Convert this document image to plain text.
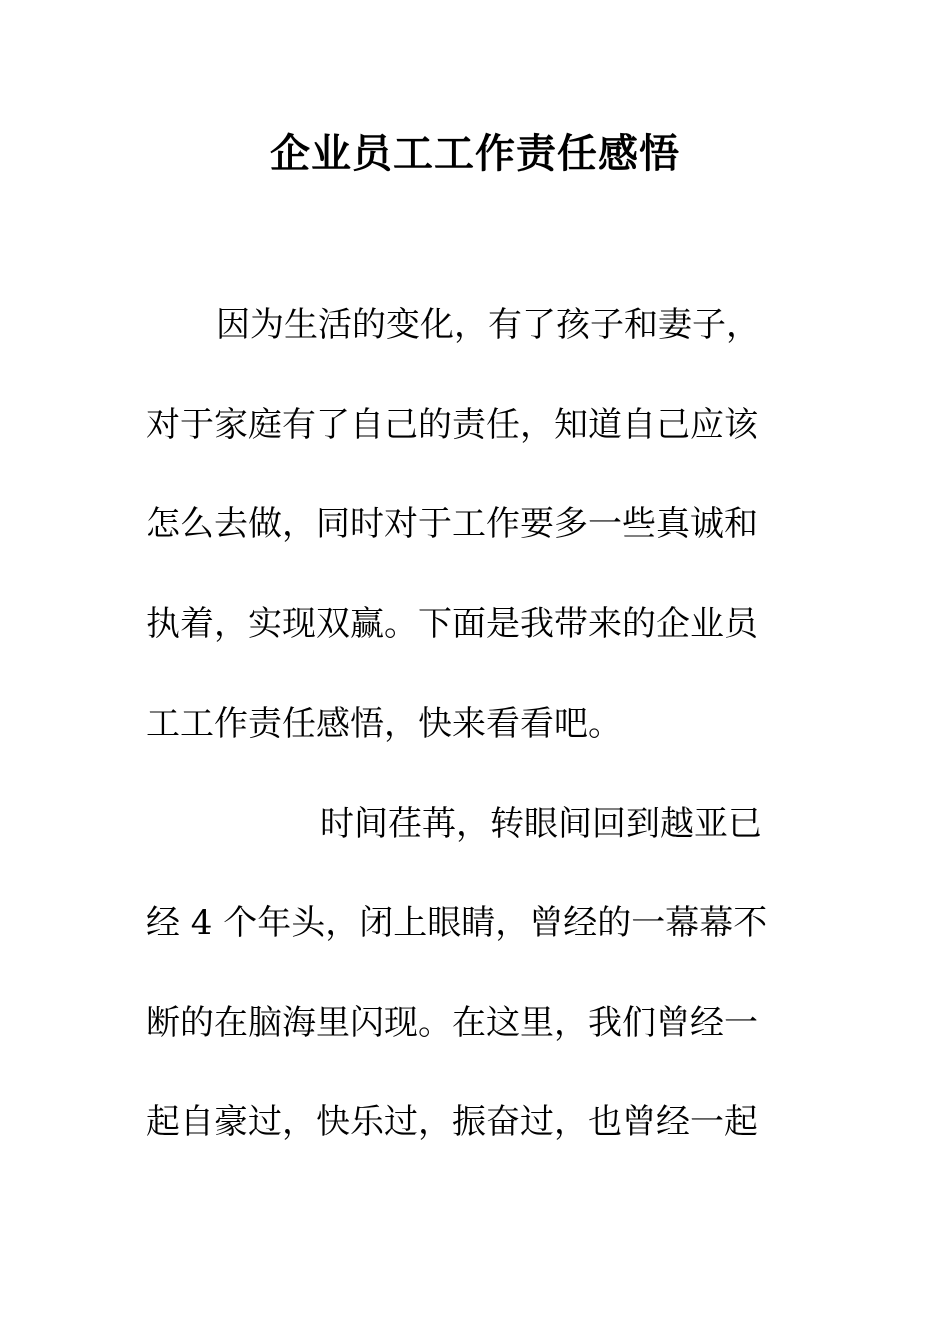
企业员工工作责任感悟
因为生活的变化，有了孩子和妻子，
对于家庭有了自己的责任，知道自己应该
怎么去做，同时对于工作要多一些真诚和
执着，实现双赢。下面是我带来的企业员
工工作责任感悟，快来看看吧。
时间荏苒，转眼间回到越亚已
经 4 个年头，闭上眼睛，曾经的一幕幕不
断的在脑海里闪现。在这里，我们曾经一
起自豪过，快乐过，振奋过，也曾经一起
